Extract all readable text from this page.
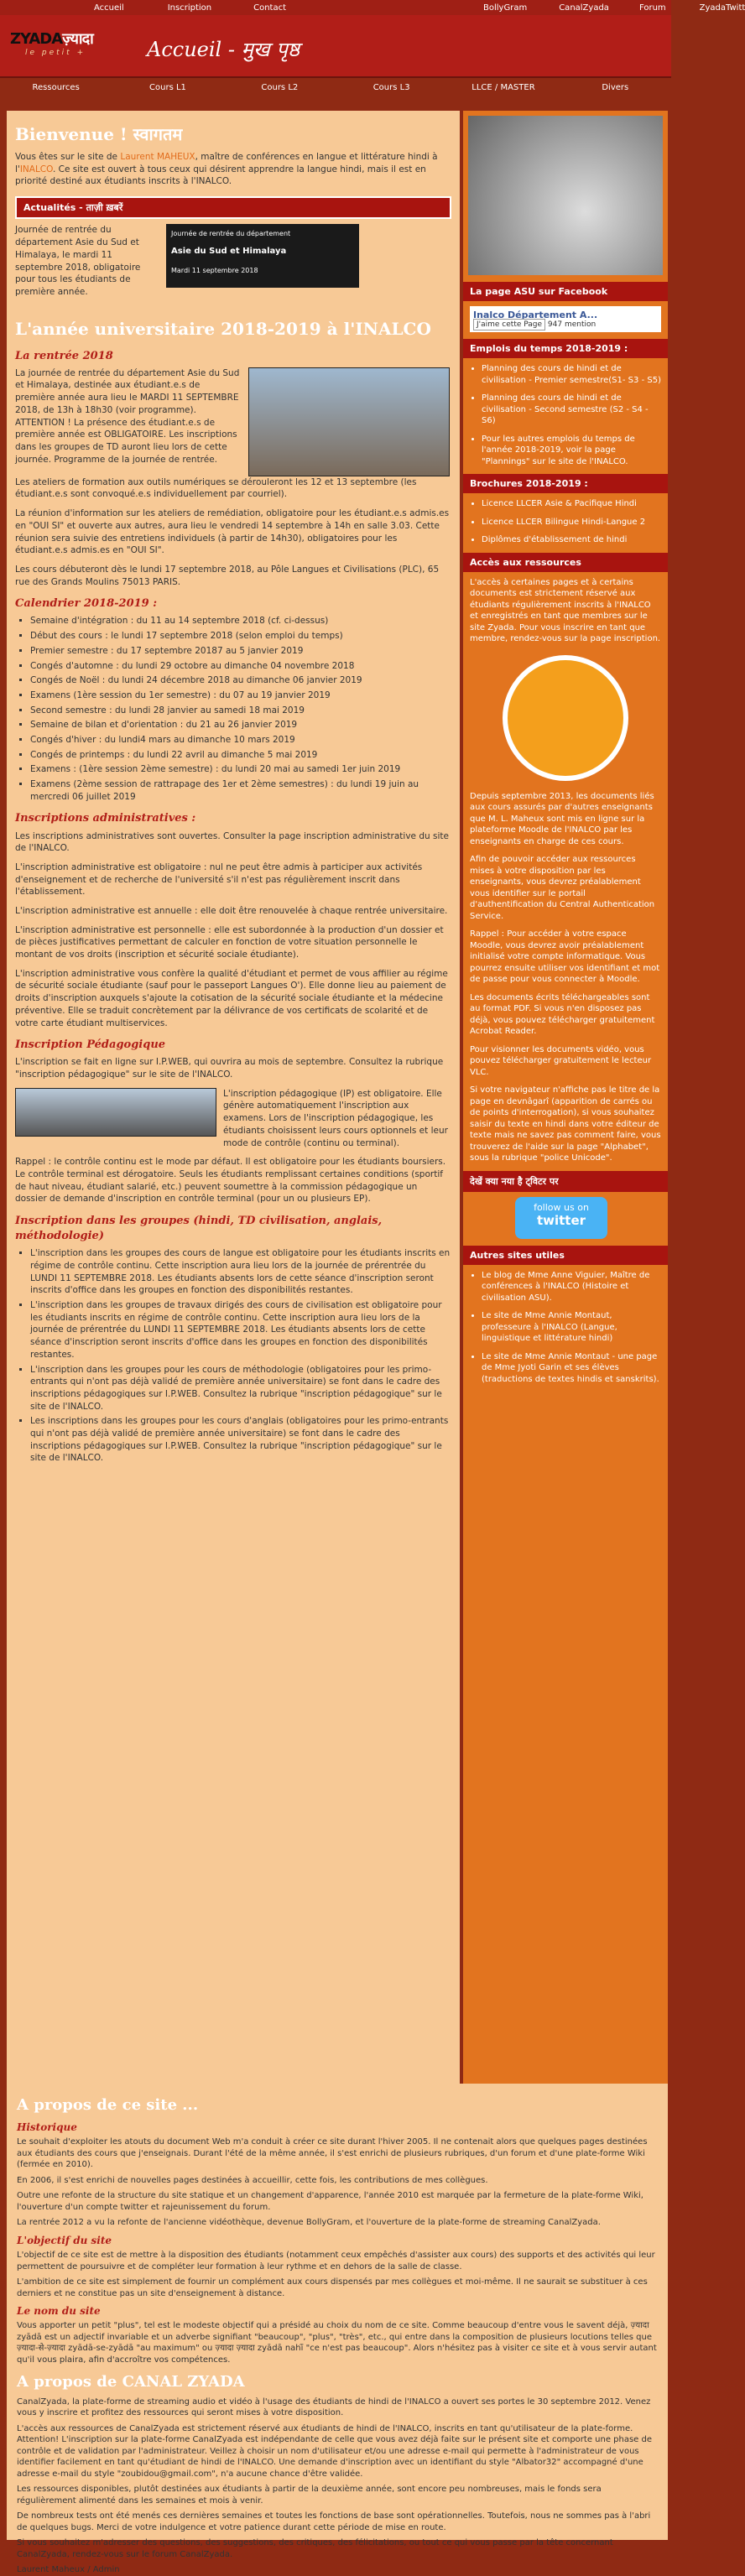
Accueil	Inscription	Contact	BollyGram	CanalZyada	Forum	ZyadaTwitt
ZYADAज़्यादा
le petit +	Accueil - मुख पृष्ठ
Ressources	Cours L1	Cours L2	Cours L3	LLCE / MASTER	Divers
Bienvenue ! स्वागतम

Vous êtes sur le site de Laurent MAHEUX, maître de conférences en langue et littérature hindi à l'INALCO. Ce site est ouvert à tous ceux qui désirent apprendre la langue hindi, mais il est en priorité destiné aux étudiants inscrits à l'INALCO.

Actualités - ताज़ी ख़बरें

Journée de rentrée du département Asie du Sud et Himalaya, le mardi 11 septembre 2018, obligatoire pour tous les étudiants de première année.

Journée de rentrée du département
Asie du Sud et Himalaya
Mardi 11 septembre 2018
L'année universitaire 2018-2019 à l'INALCO
La rentrée 2018

La journée de rentrée du département Asie du Sud et Himalaya, destinée aux étudiant.e.s de première année aura lieu le MARDI 11 SEPTEMBRE 2018, de 13h à 18h30 (voir programme). ATTENTION ! La présence des étudiant.e.s de première année est OBLIGATOIRE. Les inscriptions dans les groupes de TD auront lieu lors de cette journée. Programme de la journée de rentrée.

Les ateliers de formation aux outils numériques se dérouleront les 12 et 13 septembre (les étudiant.e.s sont convoqué.e.s individuellement par courriel).

La réunion d'information sur les ateliers de remédiation, obligatoire pour les étudiant.e.s admis.es en "OUI SI" et ouverte aux autres, aura lieu le vendredi 14 septembre à 14h en salle 3.03. Cette réunion sera suivie des entretiens individuels (à partir de 14h30), obligatoires pour les étudiant.e.s admis.es en "OUI SI".

Les cours débuteront dès le lundi 17 septembre 2018, au Pôle Langues et Civilisations (PLC), 65 rue des Grands Moulins 75013 PARIS.

Calendrier 2018-2019 :
▪ Semaine d'intégration : du 11 au 14 septembre 2018 (cf. ci-dessus)
▪ Début des cours : le lundi 17 septembre 2018 (selon emploi du temps)
▪ Premier semestre : du 17 septembre 20187 au 5 janvier 2019
▪ Congés d'automne : du lundi 29 octobre au dimanche 04 novembre 2018
▪ Congés de Noël : du lundi 24 décembre 2018 au dimanche 06 janvier 2019
▪ Examens (1ère session du 1er semestre) : du 07 au 19 janvier 2019
▪ Second semestre : du lundi 28 janvier au samedi 18 mai 2019
▪ Semaine de bilan et d'orientation : du 21 au 26 janvier 2019
▪ Congés d'hiver : du lundi4 mars au dimanche 10 mars 2019
▪ Congés de printemps : du lundi 22 avril au dimanche 5 mai 2019
▪ Examens : (1ère session 2ème semestre) : du lundi 20 mai au samedi 1er juin 2019
▪ Examens (2ème session de rattrapage des 1er et 2ème semestres) : du lundi 19 juin au mercredi 06 juillet 2019
Inscriptions administratives :

Les inscriptions administratives sont ouvertes. Consulter la page inscription administrative du site de l'INALCO.

L'inscription administrative est obligatoire : nul ne peut être admis à participer aux activités d'enseignement et de recherche de l'université s'il n'est pas régulièrement inscrit dans l'établissement.

L'inscription administrative est annuelle : elle doit être renouvelée à chaque rentrée universitaire.

L'inscription administrative est personnelle : elle est subordonnée à la production d'un dossier et de pièces justificatives permettant de calculer en fonction de votre situation personnelle le montant de vos droits (inscription et sécurité sociale étudiante).

L'inscription administrative vous confère la qualité d'étudiant et permet de vous affilier au régime de sécurité sociale étudiante (sauf pour le passeport Langues O'). Elle donne lieu au paiement de droits d'inscription auxquels s'ajoute la cotisation de la sécurité sociale étudiante et la médecine préventive. Elle se traduit concrètement par la délivrance de vos certificats de scolarité et de votre carte étudiant multiservices.

Inscription Pédagogique

L'inscription se fait en ligne sur I.P.WEB, qui ouvrira au mois de septembre. Consultez la rubrique "inscription pédagogique" sur le site de l'INALCO.

L'inscription pédagogique (IP) est obligatoire. Elle génère automatiquement l'inscription aux examens. Lors de l'inscription pédagogique, les étudiants choisissent leurs cours optionnels et leur mode de contrôle (continu ou terminal).

Rappel : le contrôle continu est le mode par défaut. Il est obligatoire pour les étudiants boursiers. Le contrôle terminal est dérogatoire. Seuls les étudiants remplissant certaines conditions (sportif de haut niveau, étudiant salarié, etc.) peuvent soumettre à la commission pédagogique un dossier de demande d'inscription en contrôle terminal (pour un ou plusieurs EP).

Inscription dans les groupes (hindi, TD civilisation, anglais, méthodologie)
▪ L'inscription dans les groupes des cours de langue est obligatoire pour les étudiants inscrits en régime de contrôle continu. Cette inscription aura lieu lors de la journée de prérentrée du LUNDI 11 SEPTEMBRE 2018. Les étudiants absents lors de cette séance d'inscription seront inscrits d'office dans les groupes en fonction des disponibilités restantes.
▪ L'inscription dans les groupes de travaux dirigés des cours de civilisation est obligatoire pour les étudiants inscrits en régime de contrôle continu. Cette inscription aura lieu lors de la journée de prérentrée du LUNDI 11 SEPTEMBRE 2018. Les étudiants absents lors de cette séance d'inscription seront inscrits d'office dans les groupes en fonction des disponibilités restantes.
▪ L'inscription dans les groupes pour les cours de méthodologie (obligatoires pour les primo-entrants qui n'ont pas déjà validé de première année universitaire) se font dans le cadre des inscriptions pédagogiques sur I.P.WEB. Consultez la rubrique "inscription pédagogique" sur le site de l'INALCO.
▪ Les inscriptions dans les groupes pour les cours d'anglais (obligatoires pour les primo-entrants qui n'ont pas déjà validé de première année universitaire) se font dans le cadre des inscriptions pédagogiques sur I.P.WEB. Consultez la rubrique "inscription pédagogique" sur le site de l'INALCO.
La page ASU sur Facebook
Inalco Département A...
J'aime cette Page 947 mention
Emplois du temps 2018-2019 :
• Planning des cours de hindi et de civilisation - Premier semestre(S1- S3 - S5)
• Planning des cours de hindi et de civilisation - Second semestre (S2 - S4 - S6)
• Pour les autres emplois du temps de l'année 2018-2019, voir la page "Plannings" sur le site de l'INALCO.
Brochures 2018-2019 :
• Licence LLCER Asie & Pacifique Hindi
• Licence LLCER Bilingue Hindi-Langue 2
• Diplômes d'établissement de hindi
Accès aux ressources

L'accès à certaines pages et à certains documents est strictement réservé aux étudiants régulièrement inscrits à l'INALCO et enregistrés en tant que membres sur le site Zyada. Pour vous inscrire en tant que membre, rendez-vous sur la page inscription.

Depuis septembre 2013, les documents liés aux cours assurés par d'autres enseignants que M. L. Maheux sont mis en ligne sur la plateforme Moodle de l'INALCO par les enseignants en charge de ces cours.

Afin de pouvoir accéder aux ressources mises à votre disposition par les enseignants, vous devrez préalablement vous identifier sur le portail d'authentification du Central Authentication Service.

Rappel : Pour accéder à votre espace Moodle, vous devrez avoir préalablement initialisé votre compte informatique. Vous pourrez ensuite utiliser vos identifiant et mot de passe pour vous connecter à Moodle.

Les documents écrits téléchargeables sont au format PDF. Si vous n'en disposez pas déjà, vous pouvez télécharger gratuitement Acrobat Reader.

Pour visionner les documents vidéo, vous pouvez télécharger gratuitement le lecteur VLC.

Si votre navigateur n'affiche pas le titre de la page en devnâgarî (apparition de carrés ou de points d'interrogation), si vous souhaitez saisir du texte en hindi dans votre éditeur de texte mais ne savez pas comment faire, vous trouverez de l'aide sur la page "Alphabet", sous la rubrique "police Unicode".

देखें क्या नया है ट्विटर पर
follow us on
twitter
Autres sites utiles
• Le blog de Mme Anne Viguier, Maître de conférences à l'INALCO (Histoire et civilisation ASU).
• Le site de Mme Annie Montaut, professeure à l'INALCO (Langue, linguistique et littérature hindi)
• Le site de Mme Annie Montaut - une page de Mme Jyoti Garin et ses élèves (traductions de textes hindis et sanskrits).
A propos de ce site ...
Historique

Le souhait d'exploiter les atouts du document Web m'a conduit à créer ce site durant l'hiver 2005. Il ne contenait alors que quelques pages destinées aux étudiants des cours que j'enseignais. Durant l'été de la même année, il s'est enrichi de plusieurs rubriques, d'un forum et d'une plate-forme Wiki (fermée en 2010).

En 2006, il s'est enrichi de nouvelles pages destinées à accueillir, cette fois, les contributions de mes collègues.

Outre une refonte de la structure du site statique et un changement d'apparence, l'année 2010 est marquée par la fermeture de la plate-forme Wiki, l'ouverture d'un compte twitter et rajeunissement du forum.

La rentrée 2012 a vu la refonte de l'ancienne vidéothèque, devenue BollyGram, et l'ouverture de la plate-forme de streaming CanalZyada.

L'objectif du site

L'objectif de ce site est de mettre à la disposition des étudiants (notamment ceux empêchés d'assister aux cours) des supports et des activités qui leur permettent de poursuivre et de compléter leur formation à leur rythme et en dehors de la salle de classe.

L'ambition de ce site est simplement de fournir un complément aux cours dispensés par mes collègues et moi-même. Il ne saurait se substituer à ces derniers et ne constitue pas un site d'enseignement à distance.

Le nom du site

Vous apporter un petit "plus", tel est le modeste objectif qui a présidé au choix du nom de ce site. Comme beaucoup d'entre vous le savent déjà, ज़्यादा zyādā est un adjectif invariable et un adverbe signifiant "beaucoup", "plus", "très", etc., qui entre dans la composition de plusieurs locutions telles que ज़्यादा-से-ज़्यादा zyādā-se-zyādā "au maximum" ou ज़्यादा ज़्यादा zyādā nahī̃ "ce n'est pas beaucoup". Alors n'hésitez pas à visiter ce site et à vous servir autant qu'il vous plaira, afin d'accroître vos compétences.

A propos de CANAL ZYADA

CanalZyada, la plate-forme de streaming audio et vidéo à l'usage des étudiants de hindi de l'INALCO a ouvert ses portes le 30 septembre 2012. Venez vous y inscrire et profitez des ressources qui seront mises à votre disposition.

L'accès aux ressources de CanalZyada est strictement réservé aux étudiants de hindi de l'INALCO, inscrits en tant qu'utilisateur de la plate-forme. Attention! L'inscription sur la plate-forme CanalZyada est indépendante de celle que vous avez déjà faite sur le présent site et comporte une phase de contrôle et de validation par l'administrateur. Veillez à choisir un nom d'utilisateur et/ou une adresse e-mail qui permette à l'administrateur de vous identifier facilement en tant qu'étudiant de hindi de l'INALCO. Une demande d'inscription avec un identifiant du style "Albator32" accompagné d'une adresse e-mail du style "zoubidou@gmail.com", n'a aucune chance d'être validée.

Les ressources disponibles, plutôt destinées aux étudiants à partir de la deuxième année, sont encore peu nombreuses, mais le fonds sera régulièrement alimenté dans les semaines et mois à venir.

De nombreux tests ont été menés ces dernières semaines et toutes les fonctions de base sont opérationnelles. Toutefois, nous ne sommes pas à l'abri de quelques bugs. Merci de votre indulgence et votre patience durant cette période de mise en route.

Si vous souhaitez m'adresser des questions, des suggestions, des critiques, des félicitations, ou tout ce qui vous passe par la tête concernant CanalZyada, rendez-vous sur le forum CanalZyada.

Laurent Maheux / Admin
